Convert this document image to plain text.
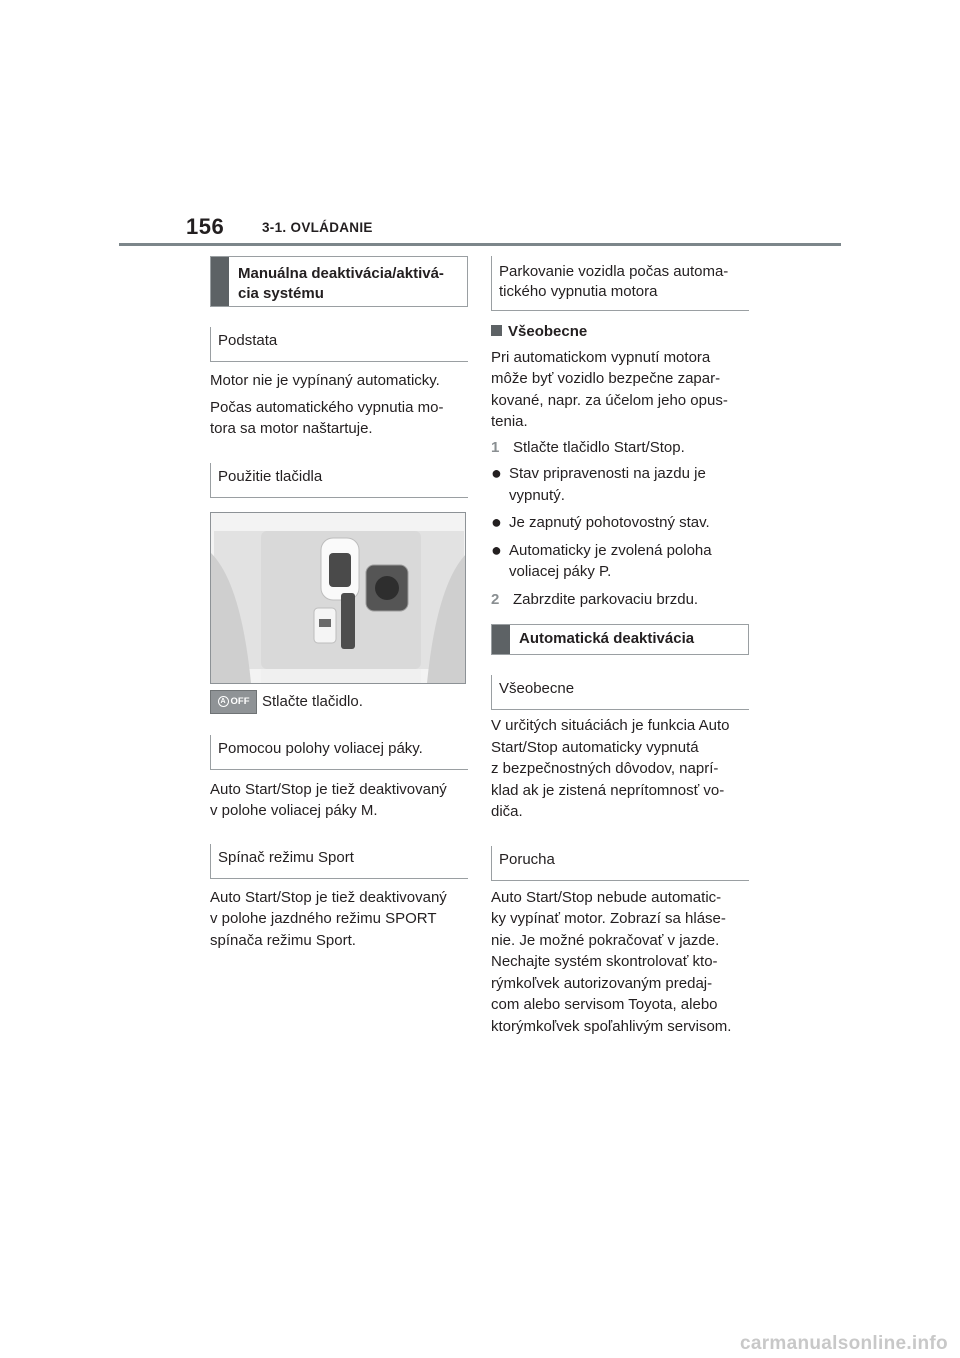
156	3-1. OVLÁDANIE
Manuálna deaktivácia/aktivá-
cia systému
Podstata

Motor nie je vypínaný automaticky.

Počas automatického vypnutia mo-
tora sa motor naštartuje.

Použitie tlačidla
A OFF Stlačte tlačidlo.
Pomocou polohy voliacej páky.

Auto Start/Stop je tiež deaktivovaný
v polohe voliacej páky M.

Spínač režimu Sport

Auto Start/Stop je tiež deaktivovaný
v polohe jazdného režimu SPORT
spínača režimu Sport.

Parkovanie vozidla počas automa-
tického vypnutia motora
Všeobecne

Pri automatickom vypnutí motora
môže byť vozidlo bezpečne zapar-
kované, napr. za účelom jeho opus-
tenia.

1 Stlačte tlačidlo Start/Stop.
● Stav pripravenosti na jazdu je
vypnutý.
● Je zapnutý pohotovostný stav.
● Automaticky je zvolená poloha
voliacej páky P.
2 Zabrzdite parkovaciu brzdu.
Automatická deaktivácia
Všeobecne

V určitých situáciách je funkcia Auto
Start/Stop automaticky vypnutá
z bezpečnostných dôvodov, naprí-
klad ak je zistená neprítomnosť vo-
diča.

Porucha

Auto Start/Stop nebude automatic-
ky vypínať motor. Zobrazí sa hláse-
nie. Je možné pokračovať v jazde.
Nechajte systém skontrolovať kto-
rýmkoľvek autorizovaným predaj-
com alebo servisom Toyota, alebo
ktorýmkoľvek spoľahlivým servisom.

carmanualsonline.info
